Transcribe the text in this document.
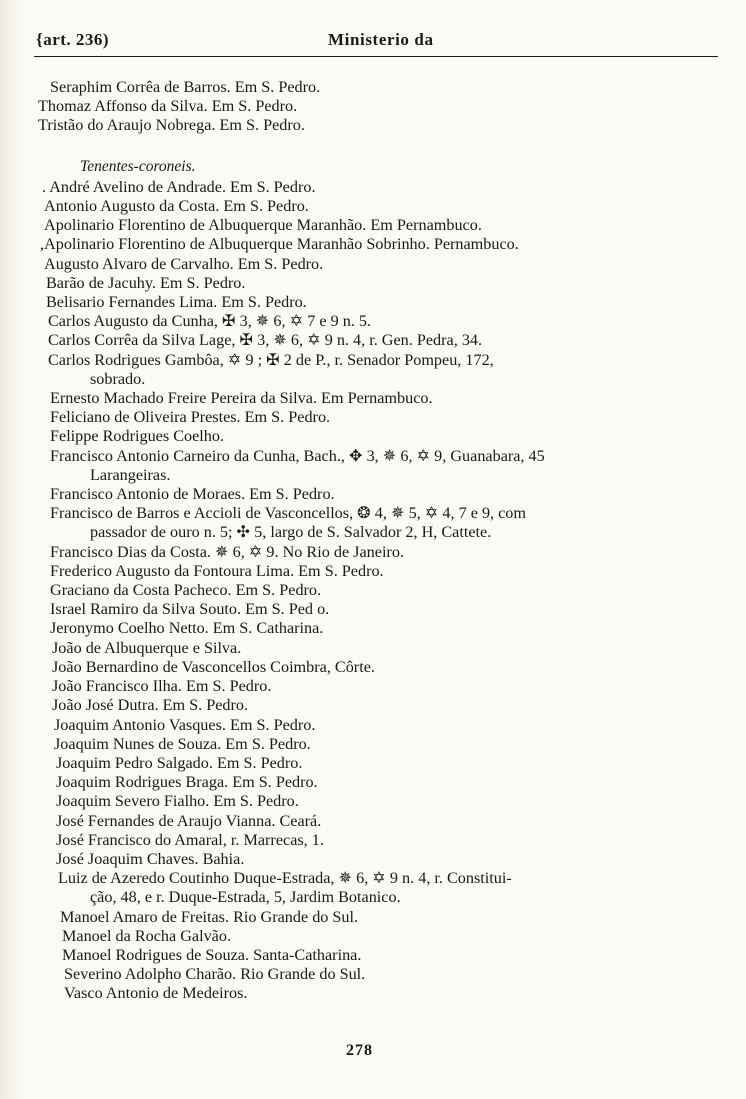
{art. 236)	Ministerio da
Seraphim Corrêa de Barros. Em S. Pedro.
Thomaz Affonso da Silva. Em S. Pedro.
Tristão do Araujo Nobrega. Em S. Pedro.
Tenentes-coroneis.
. André Avelino de Andrade. Em S. Pedro.
Antonio Augusto da Costa. Em S. Pedro.
Apolinario Florentino de Albuquerque Maranhão. Em Pernambuco.
,Apolinario Florentino de Albuquerque Maranhão Sobrinho. Pernambuco.
Augusto Alvaro de Carvalho. Em S. Pedro.
Barão de Jacuhy. Em S. Pedro.
Belisario Fernandes Lima. Em S. Pedro.
Carlos Augusto da Cunha, ✠ 3, ✵ 6, ✡ 7 e 9 n. 5.
Carlos Corrêa da Silva Lage, ✠ 3, ✵ 6, ✡ 9 n. 4, r. Gen. Pedra, 34.
Carlos Rodrigues Gambôa, ✡ 9 ; ✠ 2 de P., r. Senador Pompeu, 172,
sobrado.
Ernesto Machado Freire Pereira da Silva. Em Pernambuco.
Feliciano de Oliveira Prestes. Em S. Pedro.
Felippe Rodrigues Coelho.
Francisco Antonio Carneiro da Cunha, Bach., ✥ 3, ✵ 6, ✡ 9, Guanabara, 45
Larangeiras.
Francisco Antonio de Moraes. Em S. Pedro.
Francisco de Barros e Accioli de Vasconcellos, ❂ 4, ✵ 5, ✡ 4, 7 e 9, com
passador de ouro n. 5; ✣ 5, largo de S. Salvador 2, H, Cattete.
Francisco Dias da Costa. ✵ 6, ✡ 9. No Rio de Janeiro.
Frederico Augusto da Fontoura Lima. Em S. Pedro.
Graciano da Costa Pacheco. Em S. Pedro.
Israel Ramiro da Silva Souto. Em S. Ped o.
Jeronymo Coelho Netto. Em S. Catharina.
João de Albuquerque e Silva.
João Bernardino de Vasconcellos Coimbra, Côrte.
João Francisco Ilha. Em S. Pedro.
João José Dutra. Em S. Pedro.
Joaquim Antonio Vasques. Em S. Pedro.
Joaquim Nunes de Souza. Em S. Pedro.
Joaquim Pedro Salgado. Em S. Pedro.
Joaquim Rodrigues Braga. Em S. Pedro.
Joaquim Severo Fialho. Em S. Pedro.
José Fernandes de Araujo Vianna. Ceará.
José Francisco do Amaral, r. Marrecas, 1.
José Joaquim Chaves. Bahia.
Luiz de Azeredo Coutinho Duque-Estrada, ✵ 6, ✡ 9 n. 4, r. Constitui-
ção, 48, e r. Duque-Estrada, 5, Jardim Botanico.
Manoel Amaro de Freitas. Rio Grande do Sul.
Manoel da Rocha Galvão.
Manoel Rodrigues de Souza. Santa-Catharina.
Severino Adolpho Charão. Rio Grande do Sul.
Vasco Antonio de Medeiros.
278
